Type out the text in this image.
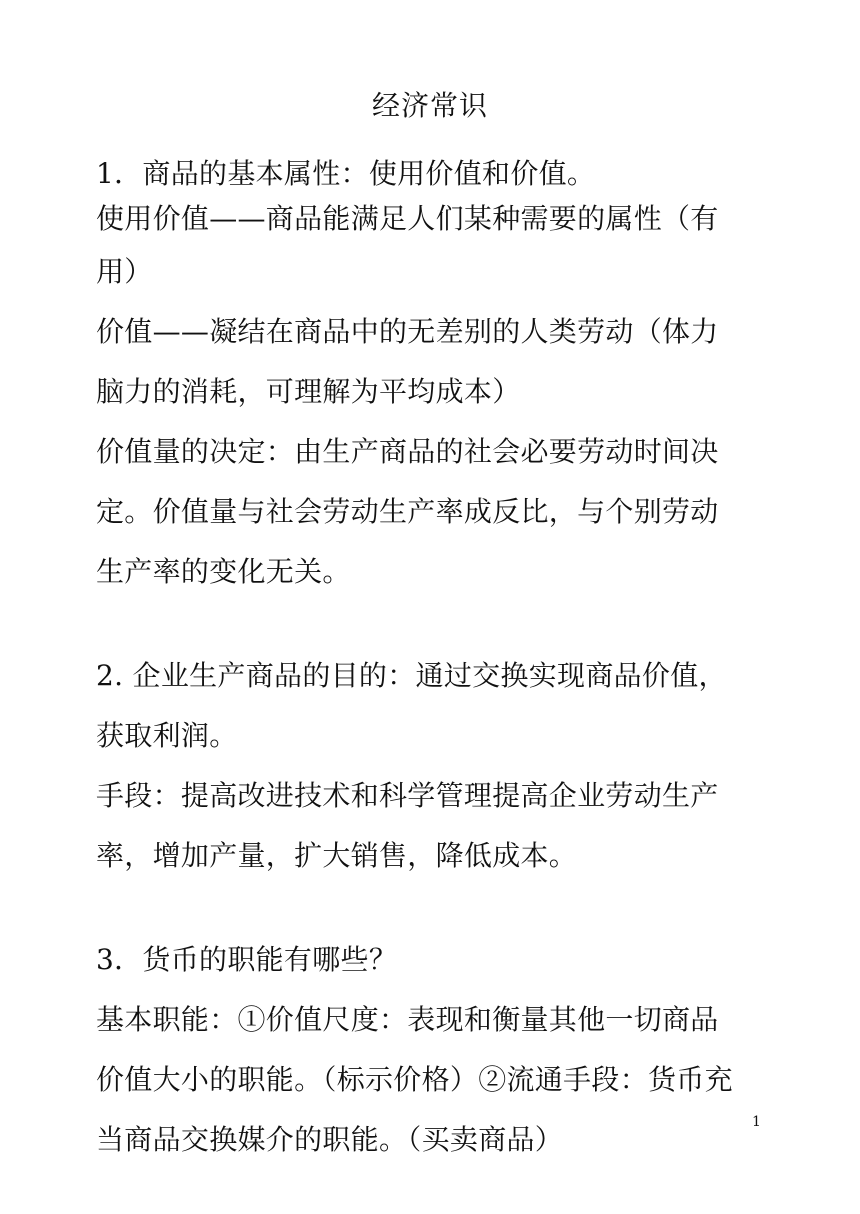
经济常识
1．商品的基本属性：使用价值和价值。
使用价值——商品能满足人们某种需要的属性（有
用）
价值——凝结在商品中的无差别的人类劳动（体力
脑力的消耗，可理解为平均成本）
价值量的决定：由生产商品的社会必要劳动时间决
定。价值量与社会劳动生产率成反比，与个别劳动
生产率的变化无关。
2. 企业生产商品的目的：通过交换实现商品价值，
获取利润。
手段：提高改进技术和科学管理提高企业劳动生产
率，增加产量，扩大销售，降低成本。
3．货币的职能有哪些？
基本职能：①价值尺度：表现和衡量其他一切商品
价值大小的职能。（标示价格）②流通手段：货币充
当商品交换媒介的职能。（买卖商品）
1
